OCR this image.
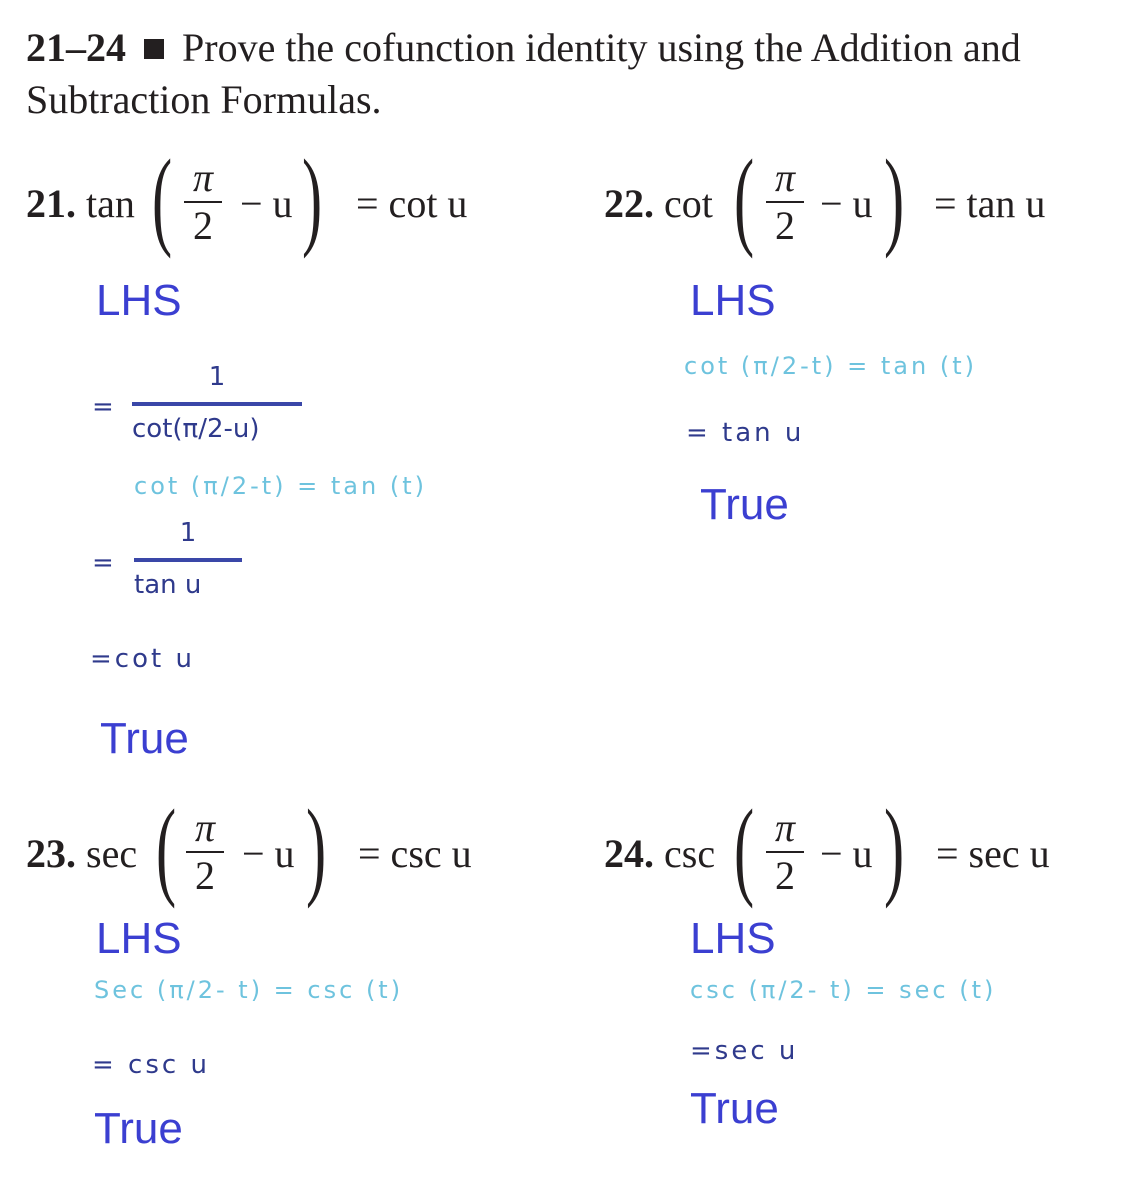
21–24 Prove the cofunction identity using the Addition and Subtraction Formulas.
21. tan ( π
2 − u ) = cot u	22. cot ( π
2 − u ) = tan u
LHS
=
1
cot(π/2-u)
cot (π/2-t) = tan (t)
=
1
tan u
=cot u
True
LHS
cot (π/2-t) = tan (t)
= tan u
True
23. sec ( π
2 − u ) = csc u	24. csc ( π
2 − u ) = sec u
LHS
Sec (π/2- t) = csc (t)
= csc u
True
LHS
csc (π/2- t) = sec (t)
=sec u
True
